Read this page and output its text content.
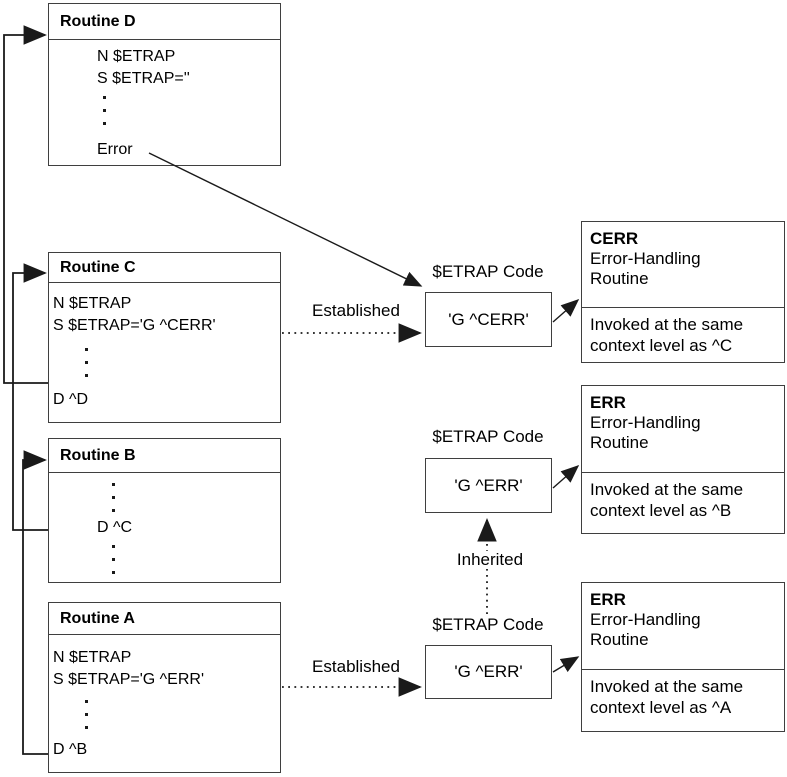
Routine D
N $ETRAP
S $ETRAP=''
Error
Routine C
N $ETRAP
S $ETRAP='G ^CERR'
D ^D
Routine B
D ^C
Routine A
N $ETRAP
S $ETRAP='G ^ERR'
D ^B
'G ^CERR'
'G ^ERR'
'G ^ERR'
CERR
Error-Handling
Routine
Invoked at the same
context level as ^C
ERR
Error-Handling
Routine
Invoked at the same
context level as ^B
ERR
Error-Handling
Routine
Invoked at the same
context level as ^A
$ETRAP Code
$ETRAP Code
$ETRAP Code
Established
Established
Inherited
